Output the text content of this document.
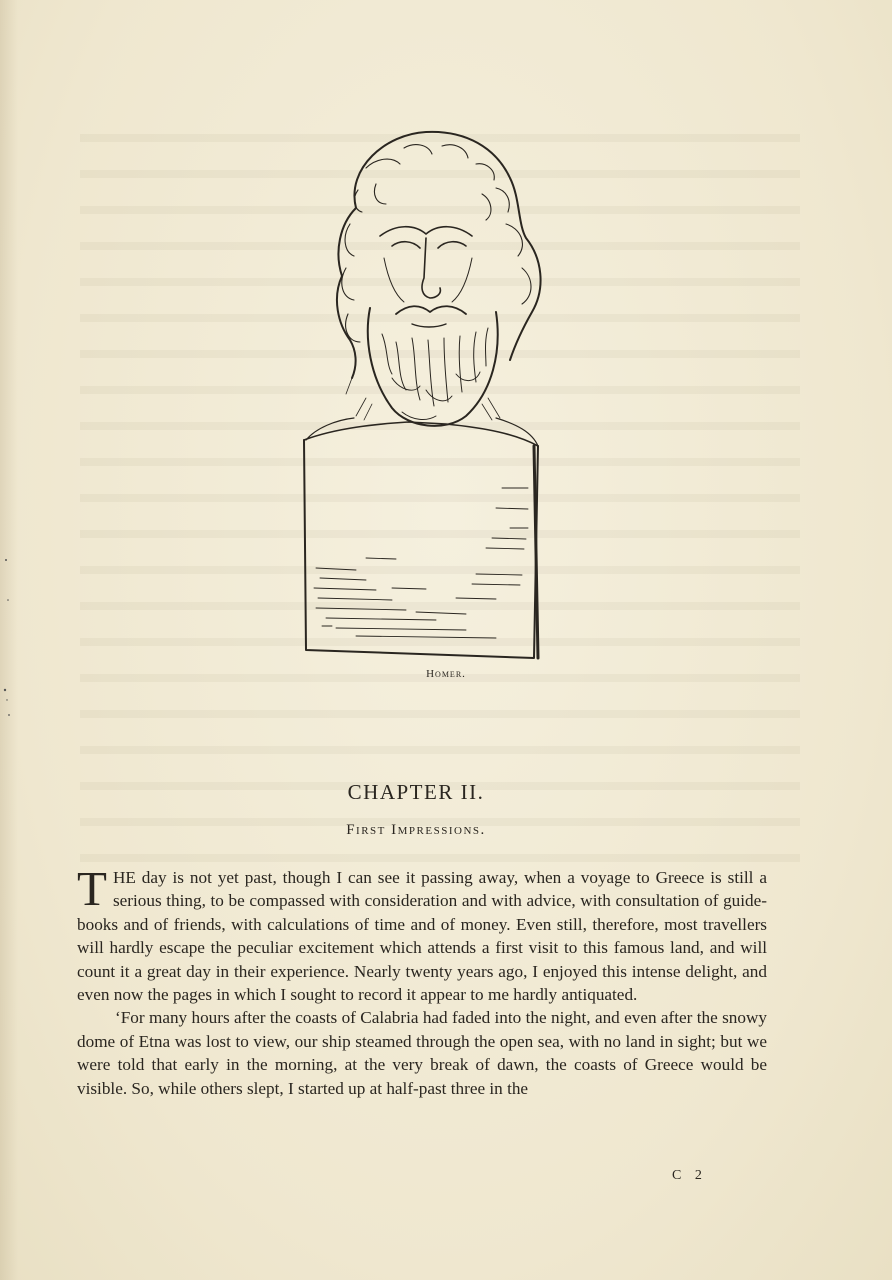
Homer.
CHAPTER II.
First Impressions.

THE day is not yet past, though I can see it passing away, when a voyage to Greece is still a serious thing, to be compassed with consideration and with advice, with consultation of guide-books and of friends, with calculations of time and of money. Even still, therefore, most travellers will hardly escape the peculiar excitement which attends a first visit to this famous land, and will count it a great day in their experience. Nearly twenty years ago, I enjoyed this intense delight, and even now the pages in which I sought to record it appear to me hardly antiquated.

‘For many hours after the coasts of Calabria had faded into the night, and even after the snowy dome of Etna was lost to view, our ship steamed through the open sea, with no land in sight; but we were told that early in the morning, at the very break of dawn, the coasts of Greece would be visible. So, while others slept, I started up at half-past three in the

C 2
